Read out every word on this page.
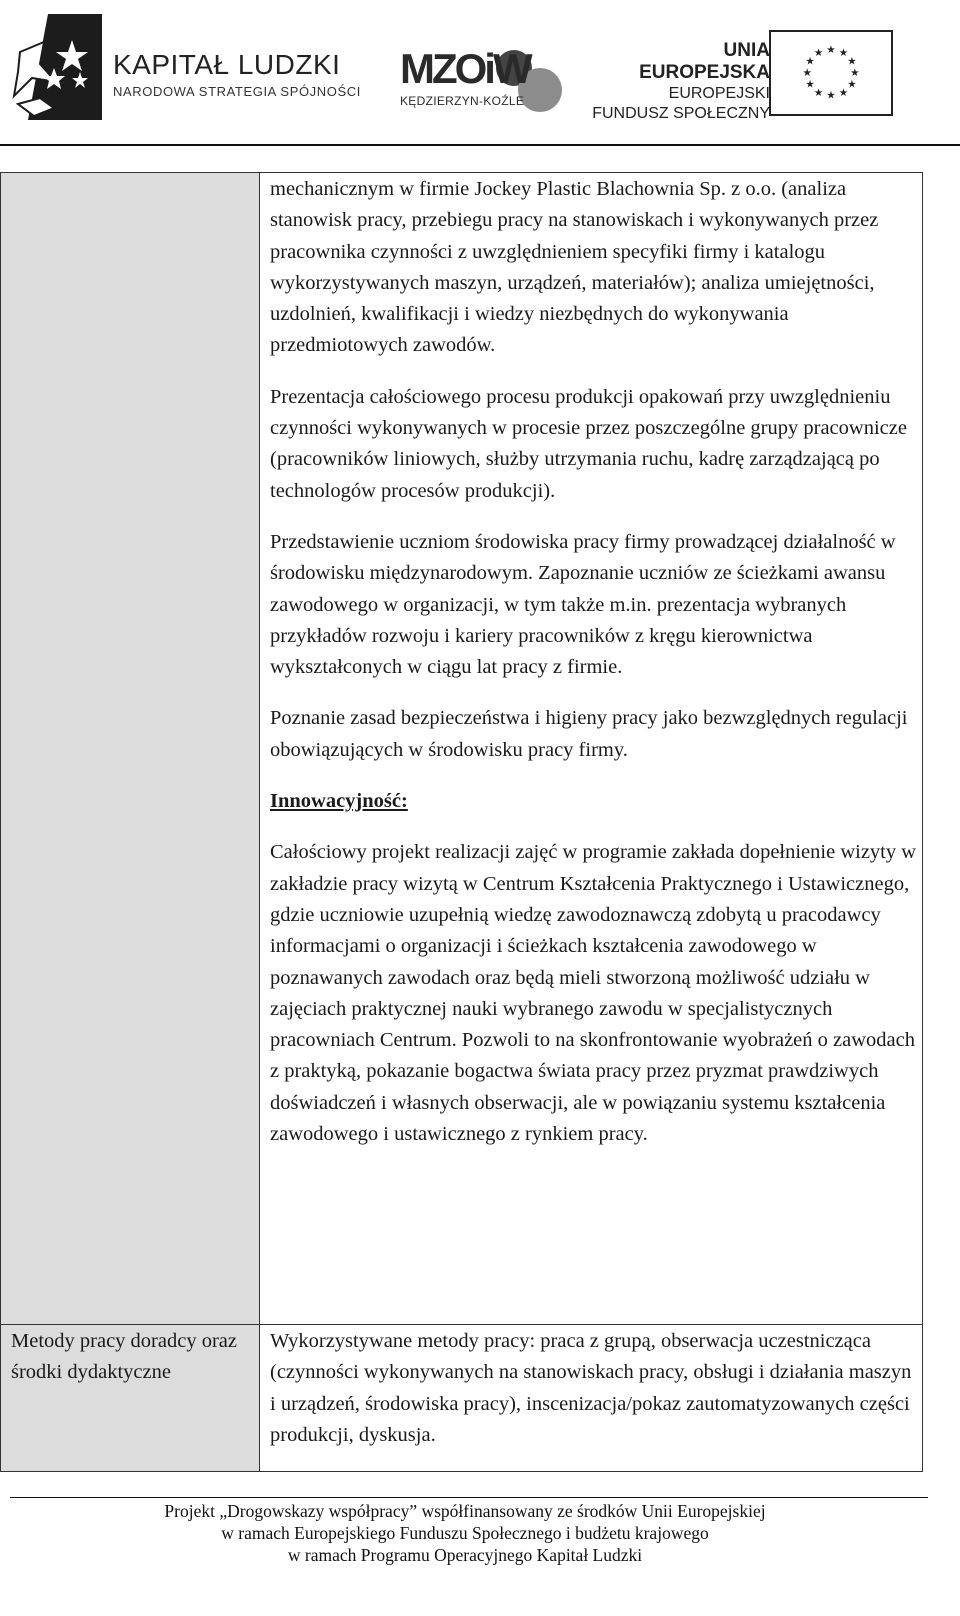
KAPITAŁ LUDZKI
NARODOWA STRATEGIA SPÓJNOŚCI MZOiW
KĘDZIERZYN-KOŹLE
UNIA EUROPEJSKA
EUROPEJSKI
FUNDUSZ SPOŁECZNY
★ ★
★
★
★
★
★
★
★
★
★
★

mechanicznym w firmie Jockey Plastic Blachownia Sp. z o.o. (analiza stanowisk pracy, przebiegu pracy na stanowiskach i wykonywanych przez pracownika czynności z uwzględnieniem specyfiki firmy i katalogu wykorzystywanych maszyn, urządzeń, materiałów); analiza umiejętności, uzdolnień, kwalifikacji i wiedzy niezbędnych do wykonywania przedmiotowych zawodów.

Prezentacja całościowego procesu produkcji opakowań przy uwzględnieniu czynności wykonywanych w procesie przez poszczególne grupy pracownicze (pracowników liniowych, służby utrzymania ruchu, kadrę zarządzającą po technologów procesów produkcji).

Przedstawienie uczniom środowiska pracy firmy prowadzącej działalność w środowisku międzynarodowym. Zapoznanie uczniów ze ścieżkami awansu zawodowego w organizacji, w tym także m.in. prezentacja wybranych przykładów rozwoju i kariery pracowników z kręgu kierownictwa wykształconych w ciągu lat pracy z firmie.

Poznanie zasad bezpieczeństwa i higieny pracy jako bezwzględnych regulacji obowiązujących w środowisku pracy firmy.

Innowacyjność:

Całościowy projekt realizacji zajęć w programie zakłada dopełnienie wizyty w zakładzie pracy wizytą w Centrum Kształcenia Praktycznego i Ustawicznego, gdzie uczniowie uzupełnią wiedzę zawodoznawczą zdobytą u pracodawcy informacjami o organizacji i ścieżkach kształcenia zawodowego w poznawanych zawodach oraz będą mieli stworzoną możliwość udziału w zajęciach praktycznej nauki wybranego zawodu w specjalistycznych pracowniach Centrum. Pozwoli to na skonfrontowanie wyobrażeń o zawodach z praktyką, pokazanie bogactwa świata pracy przez pryzmat prawdziwych doświadczeń i własnych obserwacji, ale w powiązaniu systemu kształcenia zawodowego i ustawicznego z rynkiem pracy.

Metody pracy doradcy oraz środki dydaktyczne

Wykorzystywane metody pracy: praca z grupą, obserwacja uczestnicząca (czynności wykonywanych na stanowiskach pracy, obsługi i działania maszyn i urządzeń, środowiska pracy), inscenizacja/pokaz zautomatyzowanych części produkcji, dyskusja.

Projekt „Drogowskazy współpracy” współfinansowany ze środków Unii Europejskiej
w ramach Europejskiego Funduszu Społecznego i budżetu krajowego
w ramach Programu Operacyjnego Kapitał Ludzki
